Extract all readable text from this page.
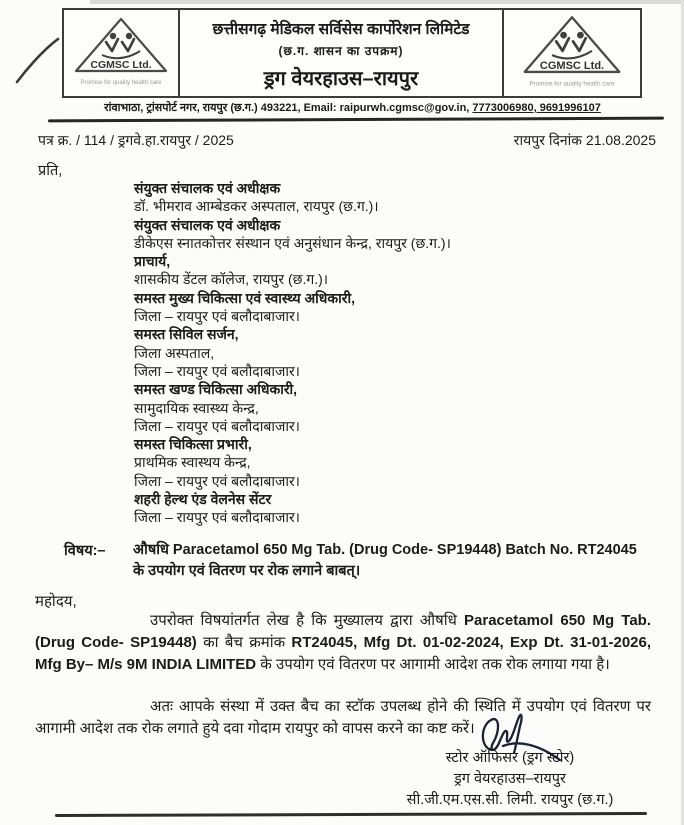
CGMSC Ltd.
Promise for quality health care
छत्तीसगढ़ मेडिकल सर्विसेस कार्पोरेशन लिमिटेड
(छ.ग. शासन का उपक्रम)
ड्रग वेयरहाउस–रायपुर
CGMSC Ltd.
Promise for quality health care
रांवाभाठा, ट्रांसपोर्ट नगर, रायपुर (छ.ग.) 493221, Email: raipurwh.cgmsc@gov.in, 7773006980, 9691996107
पत्र क्र. / 114 / ड्रगवे.हा.रायपुर / 2025	रायपुर दिनांक 21.08.2025
प्रति,
संयुक्त संचालक एवं अधीक्षक
डॉ. भीमराव आम्बेडकर अस्पताल, रायपुर (छ.ग.)।
संयुक्त संचालक एवं अधीक्षक
डीकेएस स्नातकोत्तर संस्थान एवं अनुसंधान केन्द्र, रायपुर (छ.ग.)।
प्राचार्य,
शासकीय डेंटल कॉलेज, रायपुर (छ.ग.)।
समस्त मुख्य चिकित्सा एवं स्वास्थ्य अधिकारी,
जिला – रायपुर एवं बलौदाबाजार।
समस्त सिविल सर्जन,
जिला अस्पताल,
जिला – रायपुर एवं बलौदाबाजार।
समस्त खण्ड चिकित्सा अधिकारी,
सामुदायिक स्वास्थ्य केन्द्र,
जिला – रायपुर एवं बलौदाबाजार।
समस्त चिकित्सा प्रभारी,
प्राथमिक स्वास्थय केन्द्र,
जिला – रायपुर एवं बलौदाबाजार।
शहरी हेल्थ एंड वेलनेस सेंटर
जिला – रायपुर एवं बलौदाबाजार।
विषय:–	औषधि Paracetamol 650 Mg Tab. (Drug Code- SP19448) Batch No. RT24045 के उपयोग एवं वितरण पर रोक लगाने बाबत्।
महोदय,
उपरोक्त विषयांतर्गत लेख है कि मुख्यालय द्वारा औषधि Paracetamol 650 Mg Tab. (Drug Code- SP19448) का बैच क्रमांक RT24045, Mfg Dt. 01-02-2024, Exp Dt. 31-01-2026, Mfg By– M/s 9M INDIA LIMITED के उपयोग एवं वितरण पर आगामी आदेश तक रोक लगाया गया है।
अतः आपके संस्था में उक्त बैच का स्टॉक उपलब्ध होने की स्थिति में उपयोग एवं वितरण पर आगामी आदेश तक रोक लगाते हुये दवा गोदाम रायपुर को वापस करने का कष्ट करें।
स्टोर ऑफिसर (ड्रग स्टोर)
ड्रग वेयरहाउस–रायपुर
सी.जी.एम.एस.सी. लिमी. रायपुर (छ.ग.)
